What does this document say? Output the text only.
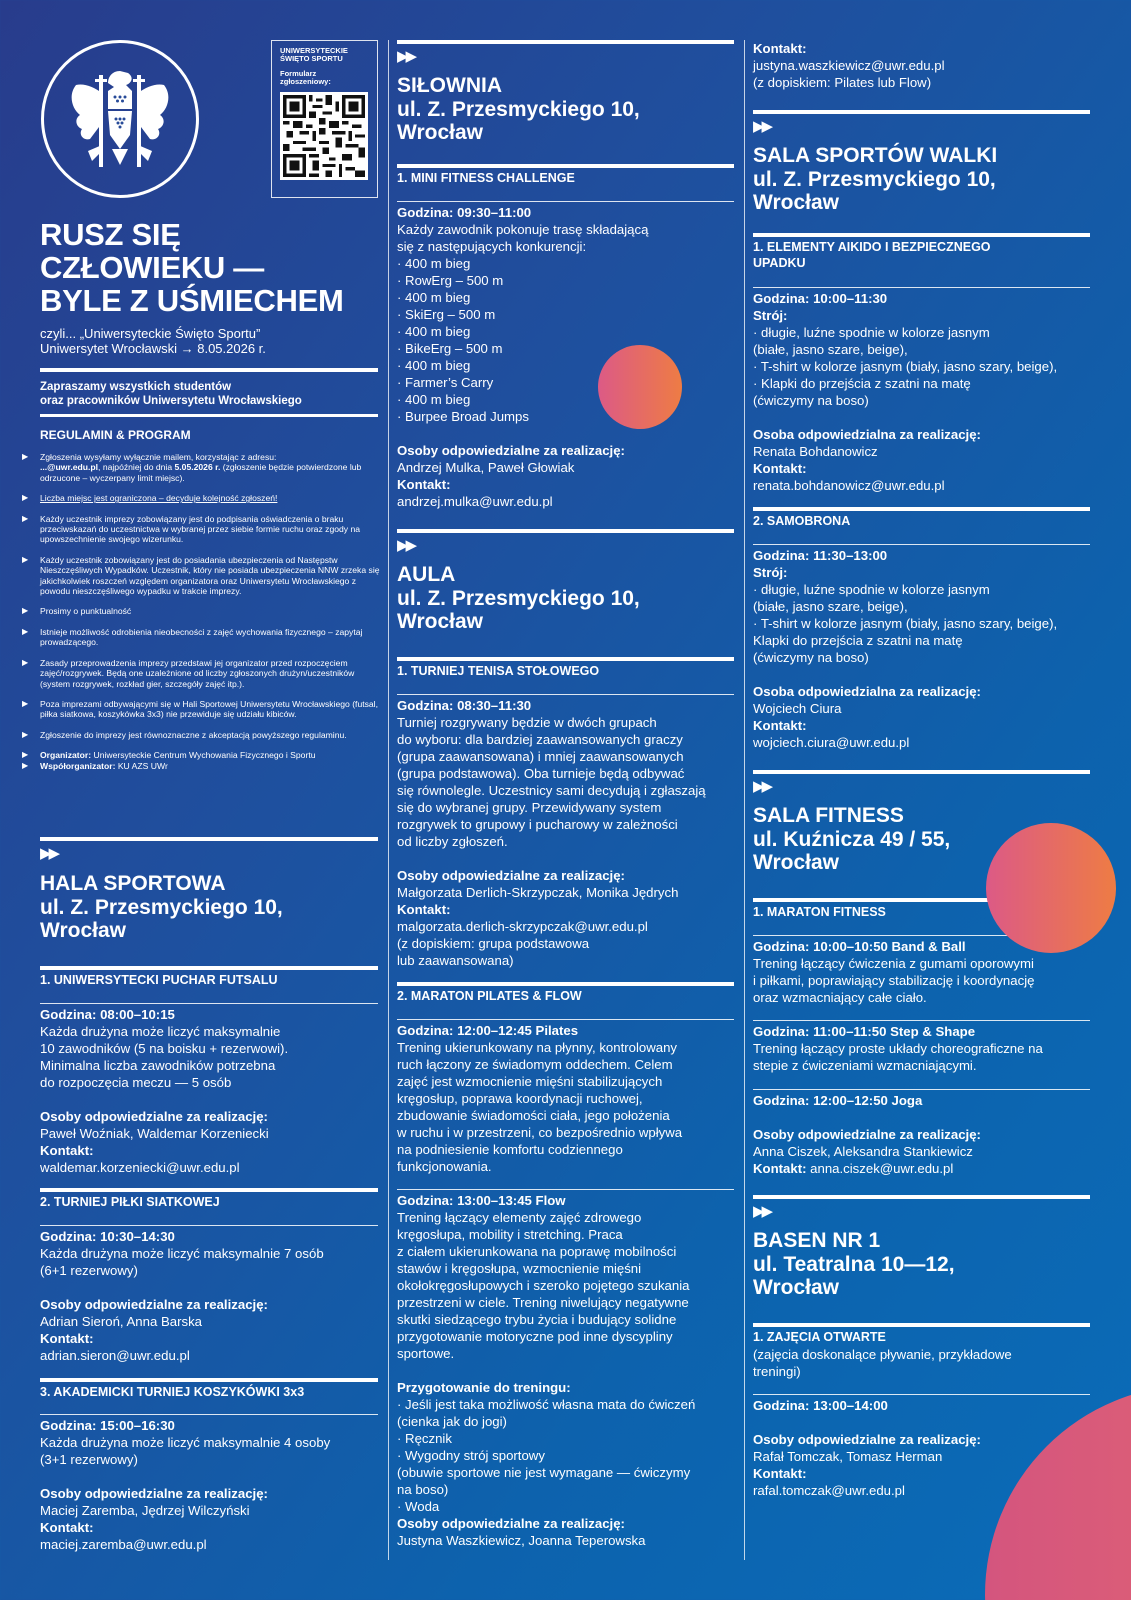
UNIWERSYTECKIE
ŚWIĘTO SPORTU
Formularz
zgłoszeniowy:
RUSZ SIĘ
CZŁOWIEKU —
BYLE Z UŚMIECHEM
czyli... „Uniwersyteckie Święto Sportu”
Uniwersytet Wrocławski → 8.05.2026 r.
Zapraszamy wszystkich studentów
oraz pracowników Uniwersytetu Wrocławskiego
REGULAMIN & PROGRAM
▶ Zgłoszenia wysyłamy wyłącznie mailem, korzystając z adresu:
...@uwr.edu.pl, najpóźniej do dnia 5.05.2026 r. (zgłoszenie będzie potwierdzone lub odrzucone – wyczerpany limit miejsc).
▶ Liczba miejsc jest ograniczona – decyduje kolejność zgłoszeń!
▶ Każdy uczestnik imprezy zobowiązany jest do podpisania oświadczenia o braku przeciwskazań do uczestnictwa w wybranej przez siebie formie ruchu oraz zgody na upowszechnienie swojego wizerunku.
▶ Każdy uczestnik zobowiązany jest do posiadania ubezpieczenia od Następstw Nieszczęśliwych Wypadków. Uczestnik, który nie posiada ubezpieczenia NNW zrzeka się jakichkolwiek roszczeń względem organizatora oraz Uniwersytetu Wrocławskiego z powodu nieszczęśliwego wypadku w trakcie imprezy.
▶ Prosimy o punktualność
▶ Istnieje możliwość odrobienia nieobecności z zajęć wychowania fizycznego – zapytaj prowadzącego.
▶ Zasady przeprowadzenia imprezy przedstawi jej organizator przed rozpoczęciem zajęć/rozgrywek. Będą one uzależnione od liczby zgłoszonych drużyn/uczestników (system rozgrywek, rozkład gier, szczegóły zajęć itp.).
▶ Poza imprezami odbywającymi się w Hali Sportowej Uniwersytetu Wrocławskiego (futsal, piłka siatkowa, koszykówka 3x3) nie przewiduje się udziału kibiców.
▶ Zgłoszenie do imprezy jest równoznaczne z akceptacją powyższego regulaminu.
▶ Organizator: Uniwersyteckie Centrum Wychowania Fizycznego i Sportu
▶ Współorganizator: KU AZS UWr
▶▶
HALA SPORTOWA
ul. Z. Przesmyckiego 10,
Wrocław
1. UNIWERSYTECKI PUCHAR FUTSALU
Godzina: 08:00–10:15
Każda drużyna może liczyć maksymalnie
10 zawodników (5 na boisku + rezerwowi).
Minimalna liczba zawodników potrzebna
do rozpoczęcia meczu — 5 osób
Osoby odpowiedzialne za realizację:
Paweł Woźniak, Waldemar Korzeniecki
Kontakt:
waldemar.korzeniecki@uwr.edu.pl
2. TURNIEJ PIŁKI SIATKOWEJ
Godzina: 10:30–14:30
Każda drużyna może liczyć maksymalnie 7 osób
(6+1 rezerwowy)
Osoby odpowiedzialne za realizację:
Adrian Sieroń, Anna Barska
Kontakt:
adrian.sieron@uwr.edu.pl
3. AKADEMICKI TURNIEJ KOSZYKÓWKI 3x3
Godzina: 15:00–16:30
Każda drużyna może liczyć maksymalnie 4 osoby
(3+1 rezerwowy)
Osoby odpowiedzialne za realizację:
Maciej Zaremba, Jędrzej Wilczyński
Kontakt:
maciej.zaremba@uwr.edu.pl
▶▶
SIŁOWNIA
ul. Z. Przesmyckiego 10,
Wrocław
1. MINI FITNESS CHALLENGE
Godzina: 09:30–11:00
Każdy zawodnik pokonuje trasę składającą
się z następujących konkurencji:
· 400 m bieg
· RowErg – 500 m
· 400 m bieg
· SkiErg – 500 m
· 400 m bieg
· BikeErg – 500 m
· 400 m bieg
· Farmer’s Carry
· 400 m bieg
· Burpee Broad Jumps
Osoby odpowiedzialne za realizację:
Andrzej Mulka, Paweł Głowiak
Kontakt:
andrzej.mulka@uwr.edu.pl
▶▶
AULA
ul. Z. Przesmyckiego 10,
Wrocław
1. TURNIEJ TENISA STOŁOWEGO
Godzina: 08:30–11:30
Turniej rozgrywany będzie w dwóch grupach
do wyboru: dla bardziej zaawansowanych graczy
(grupa zaawansowana) i mniej zaawansowanych
(grupa podstawowa). Oba turnieje będą odbywać
się równolegle. Uczestnicy sami decydują i zgłaszają
się do wybranej grupy. Przewidywany system
rozgrywek to grupowy i pucharowy w zależności
od liczby zgłoszeń.
Osoby odpowiedzialne za realizację:
Małgorzata Derlich-Skrzypczak, Monika Jędrych
Kontakt:
malgorzata.derlich-skrzypczak@uwr.edu.pl
(z dopiskiem: grupa podstawowa
lub zaawansowana)
2. MARATON PILATES & FLOW
Godzina: 12:00–12:45 Pilates
Trening ukierunkowany na płynny, kontrolowany
ruch łączony ze świadomym oddechem. Celem
zajęć jest wzmocnienie mięśni stabilizujących
kręgosłup, poprawa koordynacji ruchowej,
zbudowanie świadomości ciała, jego położenia
w ruchu i w przestrzeni, co bezpośrednio wpływa
na podniesienie komfortu codziennego
funkcjonowania.
Godzina: 13:00–13:45 Flow
Trening łączący elementy zajęć zdrowego
kręgosłupa, mobility i stretching. Praca
z ciałem ukierunkowana na poprawę mobilności
stawów i kręgosłupa, wzmocnienie mięśni
okołokręgosłupowych i szeroko pojętego szukania
przestrzeni w ciele. Trening niwelujący negatywne
skutki siedzącego trybu życia i budujący solidne
przygotowanie motoryczne pod inne dyscypliny
sportowe.
Przygotowanie do treningu:
· Jeśli jest taka możliwość własna mata do ćwiczeń
(cienka jak do jogi)
· Ręcznik
· Wygodny strój sportowy
(obuwie sportowe nie jest wymagane — ćwiczymy
na boso)
· Woda
Osoby odpowiedzialne za realizację:
Justyna Waszkiewicz, Joanna Teperowska
Kontakt:
justyna.waszkiewicz@uwr.edu.pl
(z dopiskiem: Pilates lub Flow)
▶▶
SALA SPORTÓW WALKI
ul. Z. Przesmyckiego 10,
Wrocław
1. ELEMENTY AIKIDO I BEZPIECZNEGO
UPADKU
Godzina: 10:00–11:30
Strój:
· długie, luźne spodnie w kolorze jasnym
(białe, jasno szare, beige),
· T-shirt w kolorze jasnym (biały, jasno szary, beige),
· Klapki do przejścia z szatni na matę
(ćwiczymy na boso)
Osoba odpowiedzialna za realizację:
Renata Bohdanowicz
Kontakt:
renata.bohdanowicz@uwr.edu.pl
2. SAMOBRONA
Godzina: 11:30–13:00
Strój:
· długie, luźne spodnie w kolorze jasnym
(białe, jasno szare, beige),
· T-shirt w kolorze jasnym (biały, jasno szary, beige),
Klapki do przejścia z szatni na matę
(ćwiczymy na boso)
Osoba odpowiedzialna za realizację:
Wojciech Ciura
Kontakt:
wojciech.ciura@uwr.edu.pl
▶▶
SALA FITNESS
ul. Kuźnicza 49 / 55,
Wrocław
1. MARATON FITNESS
Godzina: 10:00–10:50 Band & Ball
Trening łączący ćwiczenia z gumami oporowymi
i piłkami, poprawiający stabilizację i koordynację
oraz wzmacniający całe ciało.
Godzina: 11:00–11:50 Step & Shape
Trening łączący proste układy choreograficzne na
stepie z ćwiczeniami wzmacniającymi.
Godzina: 12:00–12:50 Joga
Osoby odpowiedzialne za realizację:
Anna Ciszek, Aleksandra Stankiewicz
Kontakt: anna.ciszek@uwr.edu.pl
▶▶
BASEN NR 1
ul. Teatralna 10—12,
Wrocław
1. ZAJĘCIA OTWARTE
(zajęcia doskonalące pływanie, przykładowe
treningi)
Godzina: 13:00–14:00
Osoby odpowiedzialne za realizację:
Rafał Tomczak, Tomasz Herman
Kontakt:
rafal.tomczak@uwr.edu.pl
